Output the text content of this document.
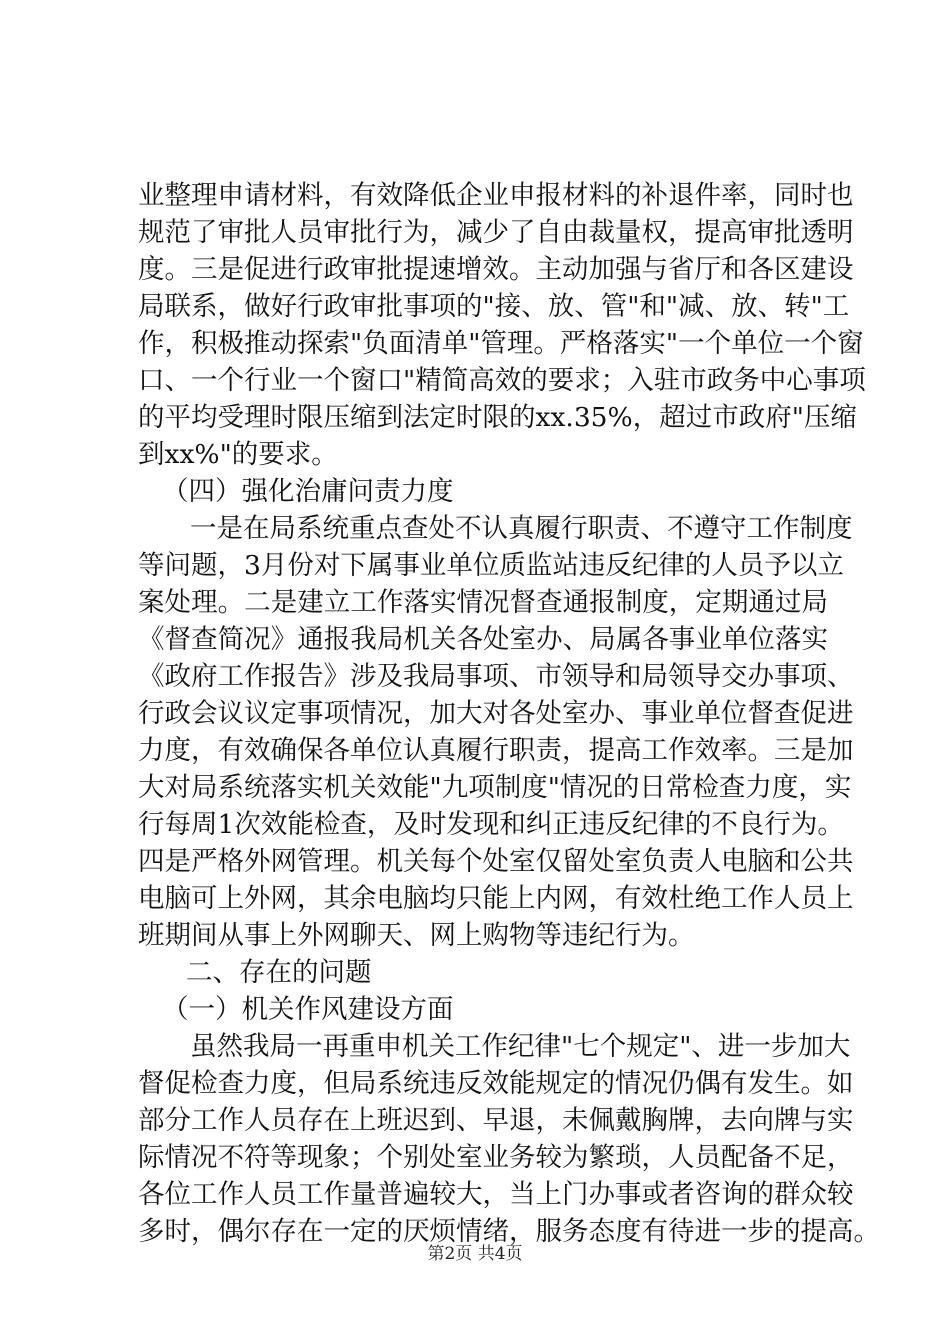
业整理申请材料，有效降低企业申报材料的补退件率，同时也
规范了审批人员审批行为，减少了自由裁量权，提高审批透明
度。三是促进行政审批提速增效。主动加强与省厅和各区建设
局联系，做好行政审批事项的"接、放、管"和"减、放、转"工
作，积极推动探索"负面清单"管理。严格落实"一个单位一个窗
口、一个行业一个窗口"精简高效的要求；入驻市政务中心事项
的平均受理时限压缩到法定时限的xx.35%，超过市政府"压缩
到xx%"的要求。
（四）强化治庸问责力度
一是在局系统重点查处不认真履行职责、不遵守工作制度
等问题，3月份对下属事业单位质监站违反纪律的人员予以立
案处理。二是建立工作落实情况督查通报制度，定期通过局
《督查简况》通报我局机关各处室办、局属各事业单位落实
《政府工作报告》涉及我局事项、市领导和局领导交办事项、
行政会议议定事项情况，加大对各处室办、事业单位督查促进
力度，有效确保各单位认真履行职责，提高工作效率。三是加
大对局系统落实机关效能"九项制度"情况的日常检查力度，实
行每周1次效能检查，及时发现和纠正违反纪律的不良行为。
四是严格外网管理。机关每个处室仅留处室负责人电脑和公共
电脑可上外网，其余电脑均只能上内网，有效杜绝工作人员上
班期间从事上外网聊天、网上购物等违纪行为。
二、存在的问题
（一）机关作风建设方面
虽然我局一再重申机关工作纪律"七个规定"、进一步加大
督促检查力度，但局系统违反效能规定的情况仍偶有发生。如
部分工作人员存在上班迟到、早退，未佩戴胸牌，去向牌与实
际情况不符等现象；个别处室业务较为繁琐，人员配备不足，
各位工作人员工作量普遍较大，当上门办事或者咨询的群众较
多时，偶尔存在一定的厌烦情绪，服务态度有待进一步的提高。
第2页 共4页
